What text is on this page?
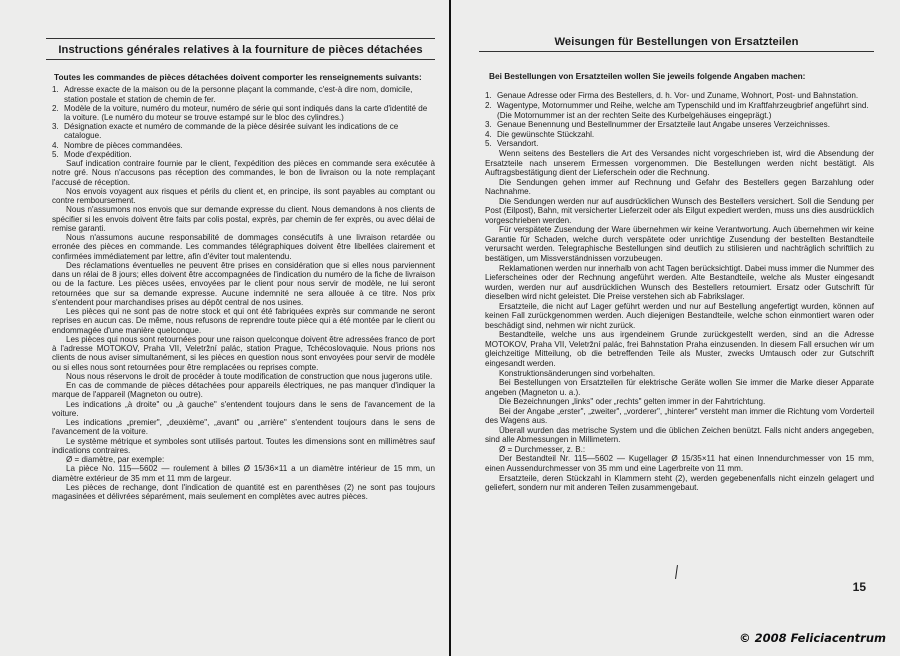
Instructions générales relatives à la fourniture de pièces détachées
Toutes les commandes de pièces détachées doivent comporter les renseignements suivants:
1. Adresse exacte de la maison ou de la personne plaçant la commande, c'est-à dire nom, domicile, station postale et station de chemin de fer.
2. Modèle de la voiture, numéro du moteur, numéro de série qui sont indiqués dans la carte d'identité de la voiture. (Le numéro du moteur se trouve estampé sur le bloc des cylindres.)
3. Désignation exacte et numéro de commande de la pièce désirée suivant les indications de ce catalogue.
4. Nombre de pièces commandées.
5. Mode d'expédition.

Sauf indication contraire fournie par le client, l'expédition des pièces en commande sera exécutée à notre gré. Nous n'accusons pas réception des commandes, le bon de livraison ou la note remplaçant l'accusé de réception.

Nos envois voyagent aux risques et périls du client et, en principe, ils sont payables au comptant ou contre remboursement.

Nous n'assumons nos envois que sur demande expresse du client. Nous demandons à nos clients de spécifier si les envois doivent être faits par colis postal, exprès, par chemin de fer exprès, ou avec délai de remise garanti.

Nous n'assumons aucune responsabilité de dommages consécutifs à une livraison retardée ou erronée des pièces en commande. Les commandes télégraphiques doivent être libellées clairement et confirmées immédiatement par lettre, afin d'éviter tout malentendu.

Des réclamations éventuelles ne peuvent être prises en considération que si elles nous parviennent dans un rélai de 8 jours; elles doivent être accompagnées de l'indication du numéro de la fiche de livraison ou de la facture. Les pièces usées, envoyées par le client pour nous servir de modèle, ne lui seront retournées que sur sa demande expresse. Aucune indemnité ne sera allouée à ce titre. Nos prix s'entendent pour marchandises prises au dépôt central de nos usines.

Les pièces qui ne sont pas de notre stock et qui ont été fabriquées exprès sur commande ne seront reprises en aucun cas. De même, nous refusons de reprendre toute pièce qui a été montée par le client ou endommagée d'une manière quelconque.

Les pièces qui nous sont retournées pour une raison quelconque doivent être adressées franco de port à l'adresse MOTOKOV, Praha VII, Veletržní palác, station Prague, Tchécoslovaquie. Nous prions nos clients de nous aviser simultanément, si les pièces en question nous sont envoyées pour servir de modèle ou si elles nous sont retournées pour être remplacées ou reprises compte.

Nous nous réservons le droit de procéder à toute modification de construction que nous jugerons utile.

En cas de commande de pièces détachées pour appareils électriques, ne pas manquer d'indiquer la marque de l'appareil (Magneton ou outre).

Les indications „à droite" ou „à gauche" s'entendent toujours dans le sens de l'avancement de la voiture.

Les indications „premier", „deuxième", „avant" ou „arrière" s'entendent toujours dans le sens de l'avancement de la voiture.

Le système métrique et symboles sont utilisés partout. Toutes les dimensions sont en millimètres sauf indications contraires.

Ø = diamètre, par exemple:

La pièce No. 115—5602 — roulement à billes Ø 15/36×11 a un diamètre intérieur de 15 mm, un diamètre extérieur de 35 mm et 11 mm de largeur.

Les pièces de rechange, dont l'indication de quantité est en parenthèses (2) ne sont pas toujours magasinées et délivrées séparément, mais seulement en complètes avec autres pièces.

Weisungen für Bestellungen von Ersatzteilen
Bei Bestellungen von Ersatzteilen wollen Sie jeweils folgende Angaben machen:
1. Genaue Adresse oder Firma des Bestellers, d. h. Vor- und Zuname, Wohnort, Post- und Bahnstation.
2. Wagentype, Motornummer und Reihe, welche am Typenschild und im Kraftfahrzeugbrief angeführt sind. (Die Motornummer ist an der rechten Seite des Kurbelgehäuses eingeprägt.)
3. Genaue Benennung und Bestellnummer der Ersatzteile laut Angabe unseres Verzeichnisses.
4. Die gewünschte Stückzahl.
5. Versandort.

Wenn seitens des Bestellers die Art des Versandes nicht vorgeschrieben ist, wird die Absendung der Ersatzteile nach unserem Ermessen vorgenommen. Die Bestellungen werden nicht bestätigt. Als Auftragsbestätigung dient der Lieferschein oder die Rechnung.

Die Sendungen gehen immer auf Rechnung und Gefahr des Bestellers gegen Barzahlung oder Nachnahme.

Die Sendungen werden nur auf ausdrücklichen Wunsch des Bestellers versichert. Soll die Sendung per Post (Eilpost), Bahn, mit versicherter Lieferzeit oder als Eilgut expediert werden, muss uns dies ausdrücklich vorgeschrieben werden.

Für verspätete Zusendung der Ware übernehmen wir keine Verantwortung. Auch übernehmen wir keine Garantie für Schaden, welche durch verspätete oder unrichtige Zusendung der bestellten Bestandteile verursacht werden. Telegraphische Bestellungen sind deutlich zu stilisieren und nachträglich schriftlich zu bestätigen, um Missverständnissen vorzubeugen.

Reklamationen werden nur innerhalb von acht Tagen berücksichtigt. Dabei muss immer die Nummer des Lieferscheines oder der Rechnung angeführt werden. Alte Bestandteile, welche als Muster eingesandt wurden, werden nur auf ausdrücklichen Wunsch des Bestellers retourniert. Ersatz oder Gutschrift für dieselben wird nicht geleistet. Die Preise verstehen sich ab Fabrikslager.

Ersatzteile, die nicht auf Lager geführt werden und nur auf Bestellung angefertigt wurden, können auf keinen Fall zurückgenommen werden. Auch diejenigen Bestandteile, welche schon einmontiert waren oder beschädigt sind, nehmen wir nicht zurück.

Bestandteile, welche uns aus irgendeinem Grunde zurückgestellt werden, sind an die Adresse MOTOKOV, Praha VII, Veletržní palác, frei Bahnstation Praha einzusenden. In diesem Fall ersuchen wir um gleichzeitige Mitteilung, ob die betreffenden Teile als Muster, zwecks Umtausch oder zur Gutschrift eingesandt werden.

Konstruktionsänderungen sind vorbehalten.

Bei Bestellungen von Ersatzteilen für elektrische Geräte wollen Sie immer die Marke dieser Apparate angeben (Magneton u. a.).

Die Bezeichnungen „links" oder „rechts" gelten immer in der Fahrtrichtung.

Bei der Angabe „erster", „zweiter", „vorderer", „hinterer" versteht man immer die Richtung vom Vorderteil des Wagens aus.

Überall wurden das metrische System und die üblichen Zeichen benützt. Falls nicht anders angegeben, sind alle Abmessungen in Millimetern.

Ø = Durchmesser, z. B.:

Der Bestandteil Nr. 115—5602 — Kugellager Ø 15/35×11 hat einen Innendurchmesser von 15 mm, einen Aussendurchmesser von 35 mm und eine Lagerbreite von 11 mm.

Ersatzteile, deren Stückzahl in Klammern steht (2), werden gegebenenfalls nicht einzeln gelagert und geliefert, sondern nur mit anderen Teilen zusammengebaut.

15
© 2008 Feliciacentrum
